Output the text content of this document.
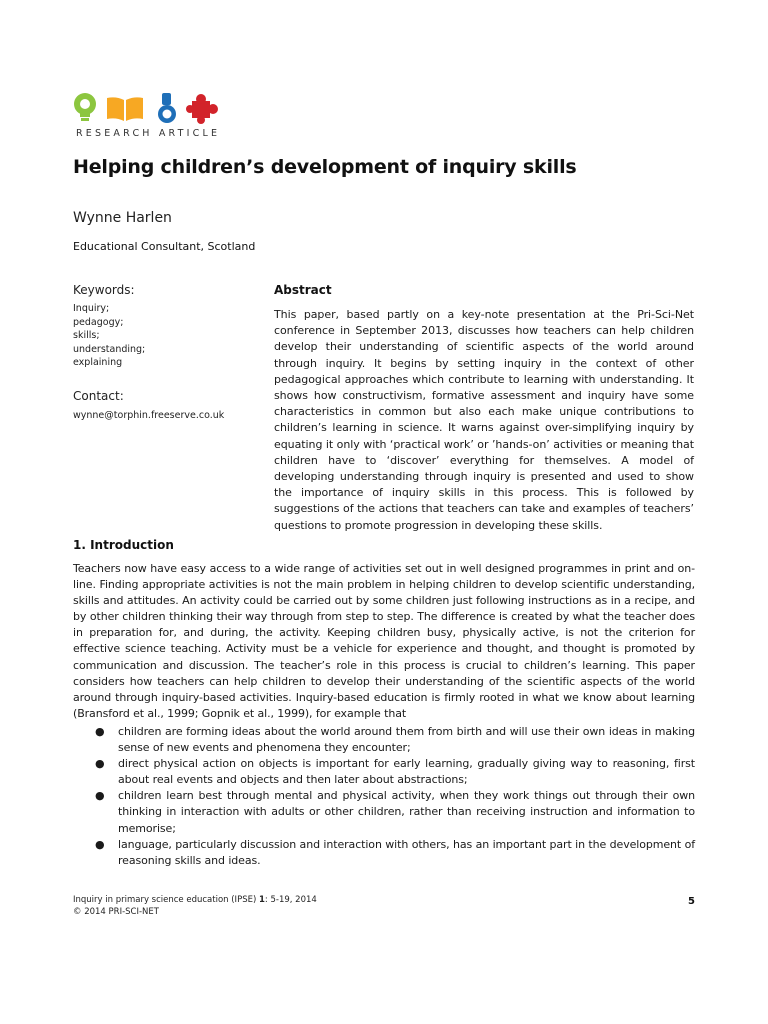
RESEARCH ARTICLE
Helping children’s development of inquiry skills
Wynne Harlen
Educational Consultant, Scotland
Keywords:
Inquiry;
pedagogy;
skills;
understanding;
explaining
Contact:
wynne@torphin.freeserve.co.uk
Abstract

This paper, based partly on a key-note presentation at the Pri-Sci-Net conference in September 2013, discusses how teachers can help children develop their understanding of scientific aspects of the world around through inquiry. It begins by setting inquiry in the context of other pedagogical approaches which contribute to learning with understanding. It shows how constructivism, formative assessment and inquiry have some characteristics in common but also each make unique contributions to children’s learning in science. It warns against over-simplifying inquiry by equating it only with ‘practical work’ or ’hands-on’ activities or meaning that children have to ‘discover’ everything for themselves. A model of developing understanding through inquiry is presented and used to show the importance of inquiry skills in this process. This is followed by suggestions of the actions that teachers can take and examples of teachers’ questions to promote progression in developing these skills.

1. Introduction

Teachers now have easy access to a wide range of activities set out in well designed programmes in print and on-line. Finding appropriate activities is not the main problem in helping children to develop scientific understanding, skills and attitudes. An activity could be carried out by some children just following instructions as in a recipe, and by other children thinking their way through from step to step. The difference is created by what the teacher does in preparation for, and during, the activity. Keeping children busy, physically active, is not the criterion for effective science teaching. Activity must be a vehicle for experience and thought, and thought is promoted by communication and discussion. The teacher’s role in this process is crucial to children’s learning. This paper considers how teachers can help children to develop their understanding of the scientific aspects of the world around through inquiry-based activities. Inquiry-based education is firmly rooted in what we know about learning (Bransford et al., 1999; Gopnik et al., 1999), for example that

● children are forming ideas about the world around them from birth and will use their own ideas in making sense of new events and phenomena they encounter;
● direct physical action on objects is important for early learning, gradually giving way to reasoning, first about real events and objects and then later about abstractions;
● children learn best through mental and physical activity, when they work things out through their own thinking in interaction with adults or other children, rather than receiving instruction and information to memorise;
● language, particularly discussion and interaction with others, has an important part in the development of reasoning skills and ideas.
Inquiry in primary science education (IPSE) 1: 5-19, 2014
© 2014 PRI-SCI-NET
5
